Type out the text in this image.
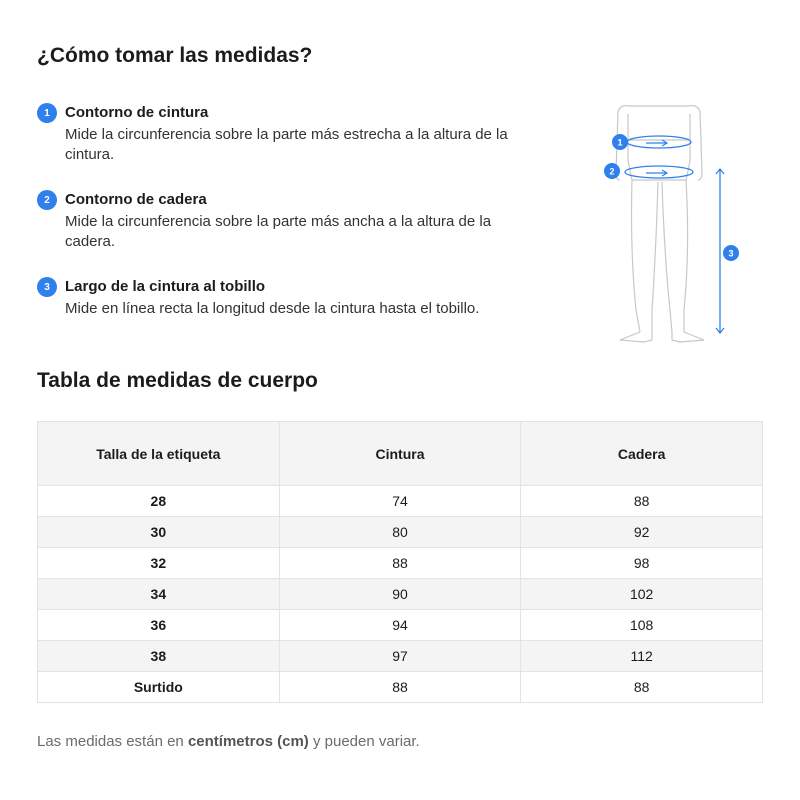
¿Cómo tomar las medidas?
1	Contorno de cintura
Mide la circunferencia sobre la parte más estrecha a la altura de la cintura.
2	Contorno de cadera
Mide la circunferencia sobre la parte más ancha a la altura de la cadera.
3	Largo de la cintura al tobillo
Mide en línea recta la longitud desde la cintura hasta el tobillo.
1
2
3
Tabla de medidas de cuerpo
Talla de la etiqueta	Cintura	Cadera
28	74	88
30	80	92
32	88	98
34	90	102
36	94	108
38	97	112
Surtido	88	88
Las medidas están en centímetros (cm) y pueden variar.
